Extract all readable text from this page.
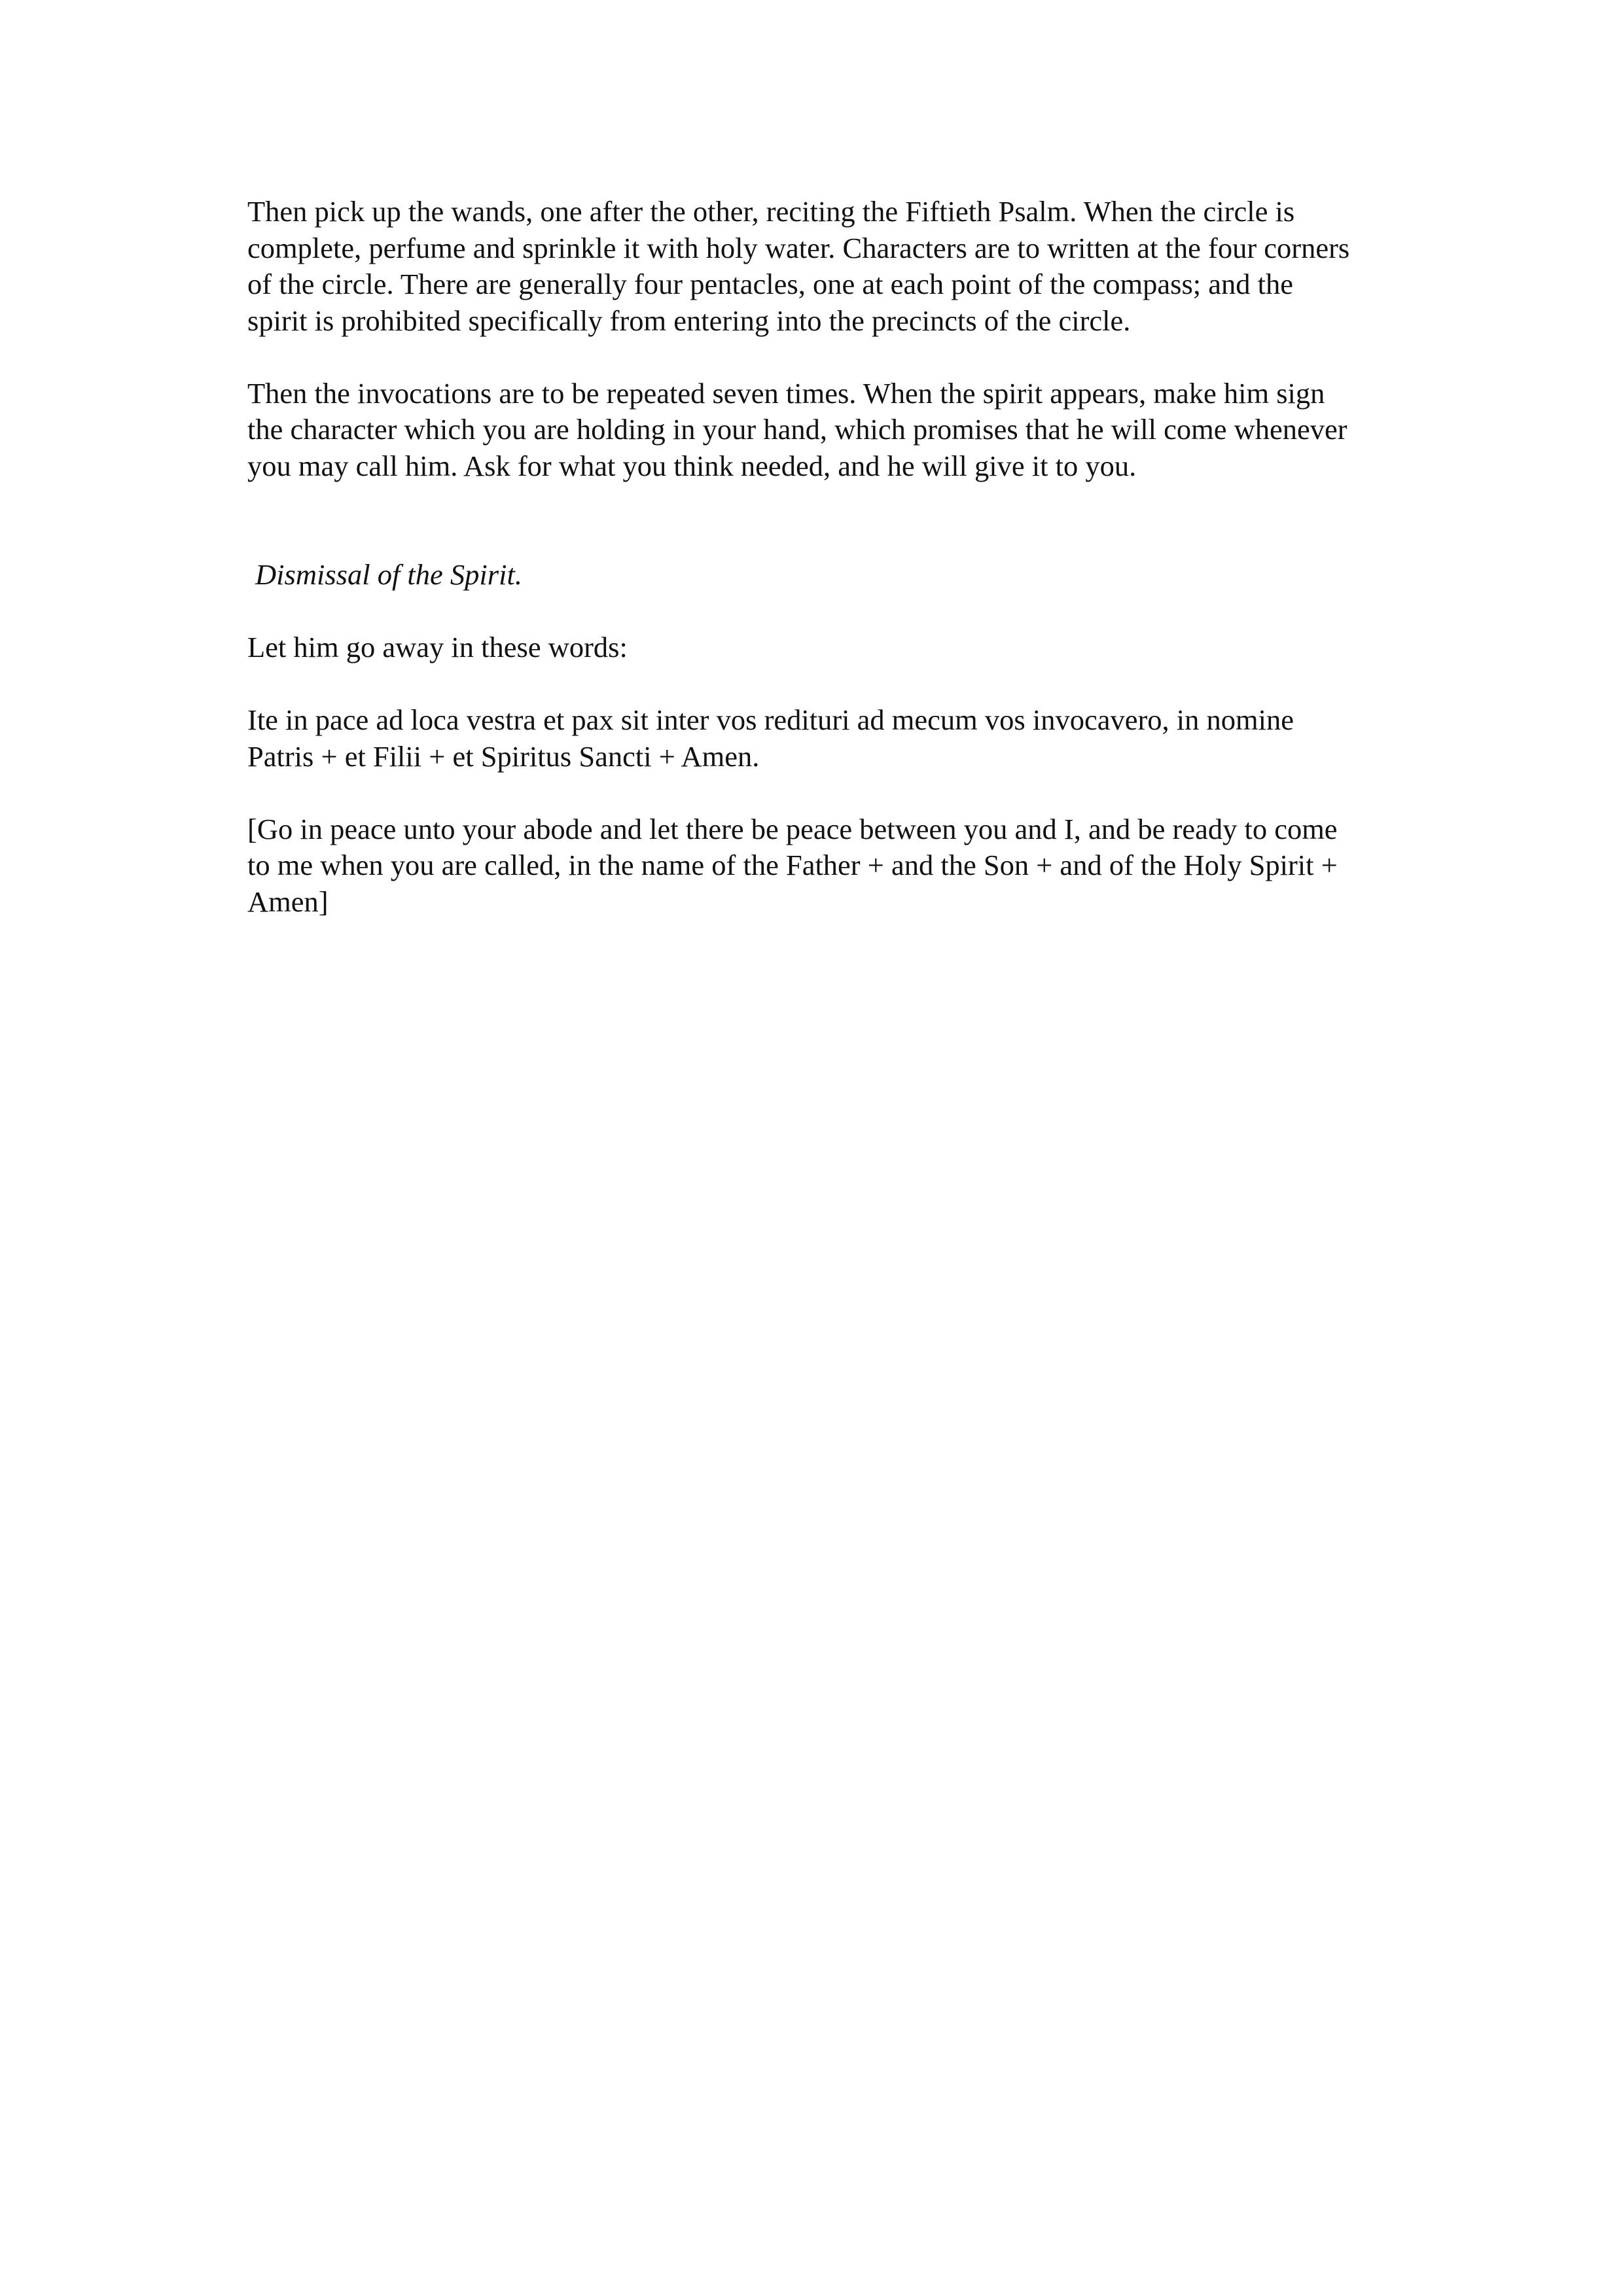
Then pick up the wands, one after the other, reciting the Fiftieth Psalm. When the circle is
complete, perfume and sprinkle it with holy water. Characters are to written at the four corners
of the circle. There are generally four pentacles, one at each point of the compass; and the
spirit is prohibited specifically from entering into the precincts of the circle.

Then the invocations are to be repeated seven times. When the spirit appears, make him sign
the character which you are holding in your hand, which promises that he will come whenever
you may call him. Ask for what you think needed, and he will give it to you.

Dismissal of the Spirit.

Let him go away in these words:

Ite in pace ad loca vestra et pax sit inter vos redituri ad mecum vos invocavero, in nomine
Patris + et Filii + et Spiritus Sancti + Amen.

[Go in peace unto your abode and let there be peace between you and I, and be ready to come
to me when you are called, in the name of the Father + and the Son + and of the Holy Spirit +
Amen]
